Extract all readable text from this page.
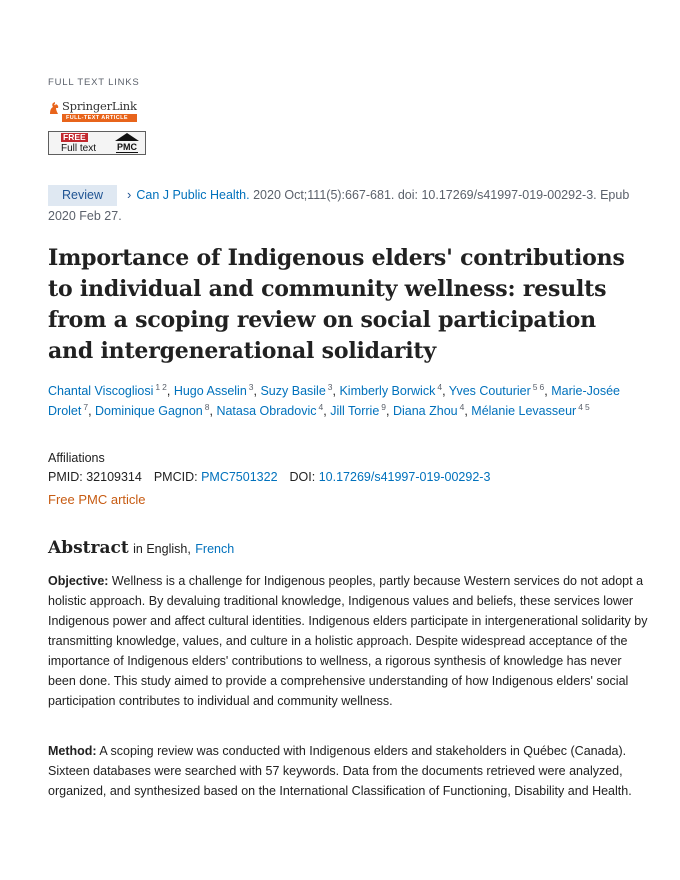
FULL TEXT LINKS
SpringerLink
FULL-TEXT ARTICLE
FREE
Full text PMC
Review › Can J Public Health. 2020 Oct;111(5):667-681. doi: 10.17269/s41997-019-00292-3. Epub 2020 Feb 27.
Importance of Indigenous elders' contributions to individual and community wellness: results from a scoping review on social participation and intergenerational solidarity
Chantal Viscogliosi $^1$ $^2$, Hugo Asselin $^3$, Suzy Basile $^3$, Kimberly Borwick $^4$, Yves Couturier $^5$ $^6$, Marie-Josée Drolet $^7$, Dominique Gagnon $^8$, Natasa Obradovic $^4$, Jill Torrie $^9$, Diana Zhou $^4$, Mélanie Levasseur $^4$ $^5$
Affiliations
PMID: 32109314 PMCID: PMC7501322 DOI: 10.17269/s41997-019-00292-3
Free PMC article
Abstract in English, French

Objective: Wellness is a challenge for Indigenous peoples, partly because Western services do not adopt a holistic approach. By devaluing traditional knowledge, Indigenous values and beliefs, these services lower Indigenous power and affect cultural identities. Indigenous elders participate in intergenerational solidarity by transmitting knowledge, values, and culture in a holistic approach. Despite widespread acceptance of the importance of Indigenous elders' contributions to wellness, a rigorous synthesis of knowledge has never been done. This study aimed to provide a comprehensive understanding of how Indigenous elders' social participation contributes to individual and community wellness.

Method: A scoping review was conducted with Indigenous elders and stakeholders in Québec (Canada). Sixteen databases were searched with 57 keywords. Data from the documents retrieved were analyzed, organized, and synthesized based on the International Classification of Functioning, Disability and Health.
